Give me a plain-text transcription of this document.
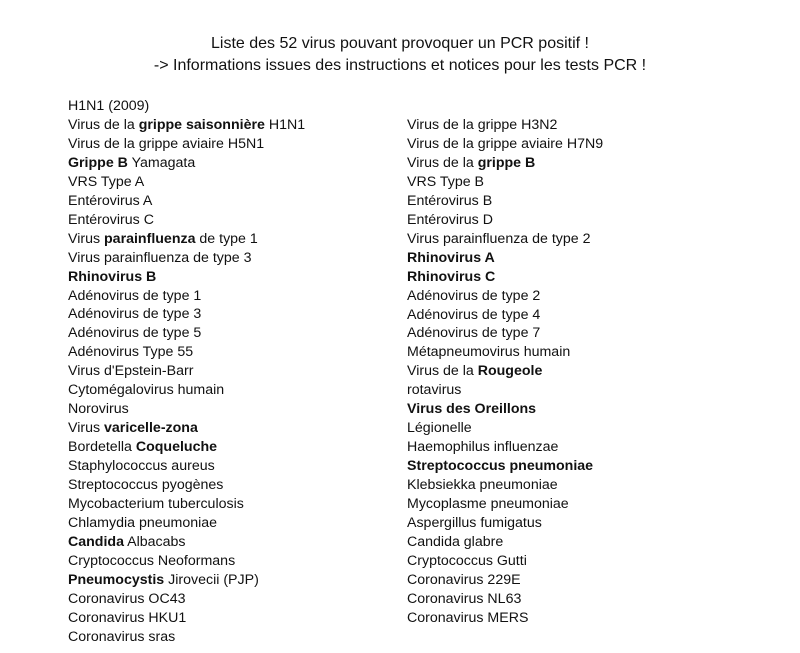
Liste des 52 virus pouvant provoquer un PCR positif !
-> Informations issues des instructions et notices pour les tests PCR !
H1N1 (2009)
Virus de la grippe saisonnière H1N1
Virus de la grippe aviaire H5N1
Grippe B Yamagata
VRS Type A
Entérovirus A
Entérovirus C
Virus parainfluenza de type 1
Virus parainfluenza de type 3
Rhinovirus B
Adénovirus de type 1
Adénovirus de type 3
Adénovirus de type 5
Adénovirus Type 55
Virus d'Epstein-Barr
Cytomégalovirus humain
Norovirus
Virus varicelle-zona
Bordetella Coqueluche
Staphylococcus aureus
Streptococcus pyogènes
Mycobacterium tuberculosis
Chlamydia pneumoniae
Candida Albacabs
Cryptococcus Neoformans
Pneumocystis Jirovecii (PJP)
Coronavirus OC43
Coronavirus HKU1
Coronavirus sras
Virus de la grippe H3N2
Virus de la grippe aviaire H7N9
Virus de la grippe B
VRS Type B
Entérovirus B
Entérovirus D
Virus parainfluenza de type 2
Rhinovirus A
Rhinovirus C
Adénovirus de type 2
Adénovirus de type 4
Adénovirus de type 7
Métapneumovirus humain
Virus de la Rougeole
rotavirus
Virus des Oreillons
Légionelle
Haemophilus influenzae
Streptococcus pneumoniae
Klebsiekka pneumoniae
Mycoplasme pneumoniae
Aspergillus fumigatus
Candida glabre
Cryptococcus Gutti
Coronavirus 229E
Coronavirus NL63
Coronavirus MERS
